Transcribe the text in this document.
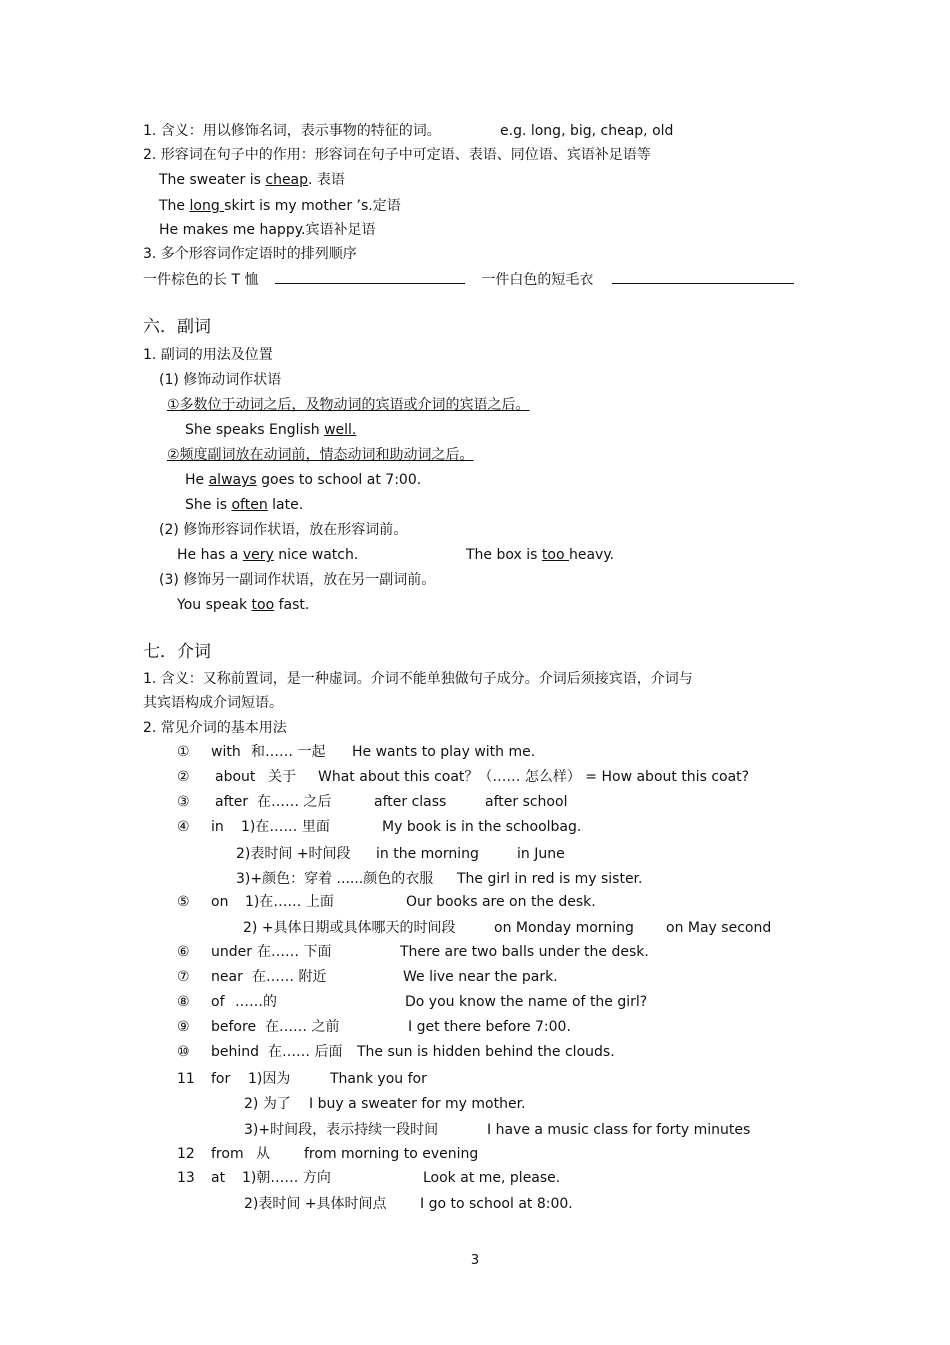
1. 含义：用以修饰名词，表示事物的特征的词。	e.g. long, big, cheap, old
2. 形容词在句子中的作用：形容词在句子中可定语、表语、同位语、宾语补足语等
The sweater is cheap. 表语
The long skirt is my mother ’s.定语
He makes me happy.宾语补足语
3. 多个形容词作定语时的排列顺序
一件棕色的长 T 恤	一件白色的短毛衣
六．副词
1. 副词的用法及位置
(1) 修饰动词作状语
①多数位于动词之后，及物动词的宾语或介词的宾语之后。
She speaks English well.
②频度副词放在动词前，情态动词和助动词之后。
He always goes to school at 7:00.
She is often late.
(2) 修饰形容词作状语，放在形容词前。
He has a very nice watch.	The box is too heavy.
(3) 修饰另一副词作状语，放在另一副词前。
You speak too fast.
七．介词
1. 含义：又称前置词，是一种虚词。介词不能单独做句子成分。介词后须接宾语，介词与
其宾语构成介词短语。
2. 常见介词的基本用法
① with 和…… 一起 He wants to play with me.
② about 关于 What about this coat？（…… 怎么样） = How about this coat?
③ after 在…… 之后	after class	after school
④ in 1)在…… 里面	My book is in the schoolbag.
2)表时间 +时间段 in the morning	in June
3)+颜色：穿着 ......颜色的衣服 The girl in red is my sister.
⑤ on 1)在…… 上面	Our books are on the desk.
2) +具体日期或具体哪天的时间段	on Monday morning on May second
⑥ under 在…… 下面	There are two balls under the desk.
⑦ near 在…… 附近	We live near the park.
⑧ of ……的	Do you know the name of the girl?
⑨ before 在…… 之前	I get there before 7:00.
⑩ behind 在…… 后面 The sun is hidden behind the clouds.
11 for 1)因为	Thank you for
2) 为了 I buy a sweater for my mother.
3)+时间段，表示持续一段时间	I have a music class for forty minutes
12 from 从 from morning to evening
13 at 1)朝…… 方向	Look at me, please.
2)表时间 +具体时间点 I go to school at 8:00.
3
